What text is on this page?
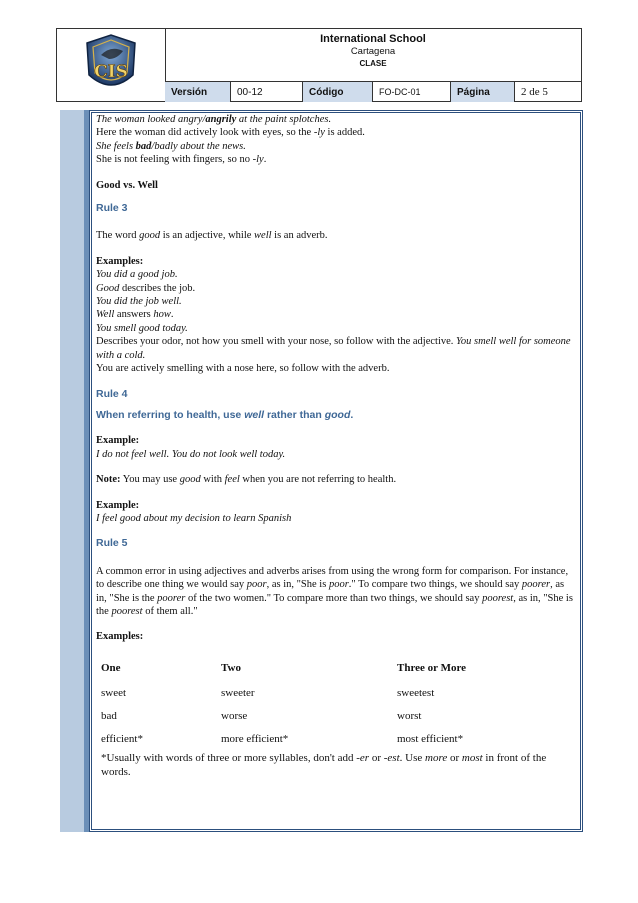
CIS
International School
Cartagena
CLASE
Versión	00-12	Código	FO-DC-01	Página	2 de 5

The woman looked angry/angrily at the paint splotches.

Here the woman did actively look with eyes, so the -ly is added.

She feels bad/badly about the news.

She is not feeling with fingers, so no -ly.

Good vs. Well

Rule 3

The word good is an adjective, while well is an adverb.

Examples:

You did a good job.

Good describes the job.

You did the job well.

Well answers how.

You smell good today.

Describes your odor, not how you smell with your nose, so follow with the adjective. You smell well for someone with a cold.

You are actively smelling with a nose here, so follow with the adverb.

Rule 4

When referring to health, use well rather than good.

Example:

I do not feel well. You do not look well today.

Note: You may use good with feel when you are not referring to health.

Example:

I feel good about my decision to learn Spanish

Rule 5

A common error in using adjectives and adverbs arises from using the wrong form for comparison. For instance, to describe one thing we would say poor, as in, "She is poor." To compare two things, we should say poorer, as in, "She is the poorer of the two women." To compare more than two things, we should say poorest, as in, "She is the poorest of them all."

Examples:

One	Two	Three or More
sweet	sweeter	sweetest
bad	worse	worst
efficient*	more efficient*	most efficient*

*Usually with words of three or more syllables, don't add -er or -est. Use more or most in front of the words.
